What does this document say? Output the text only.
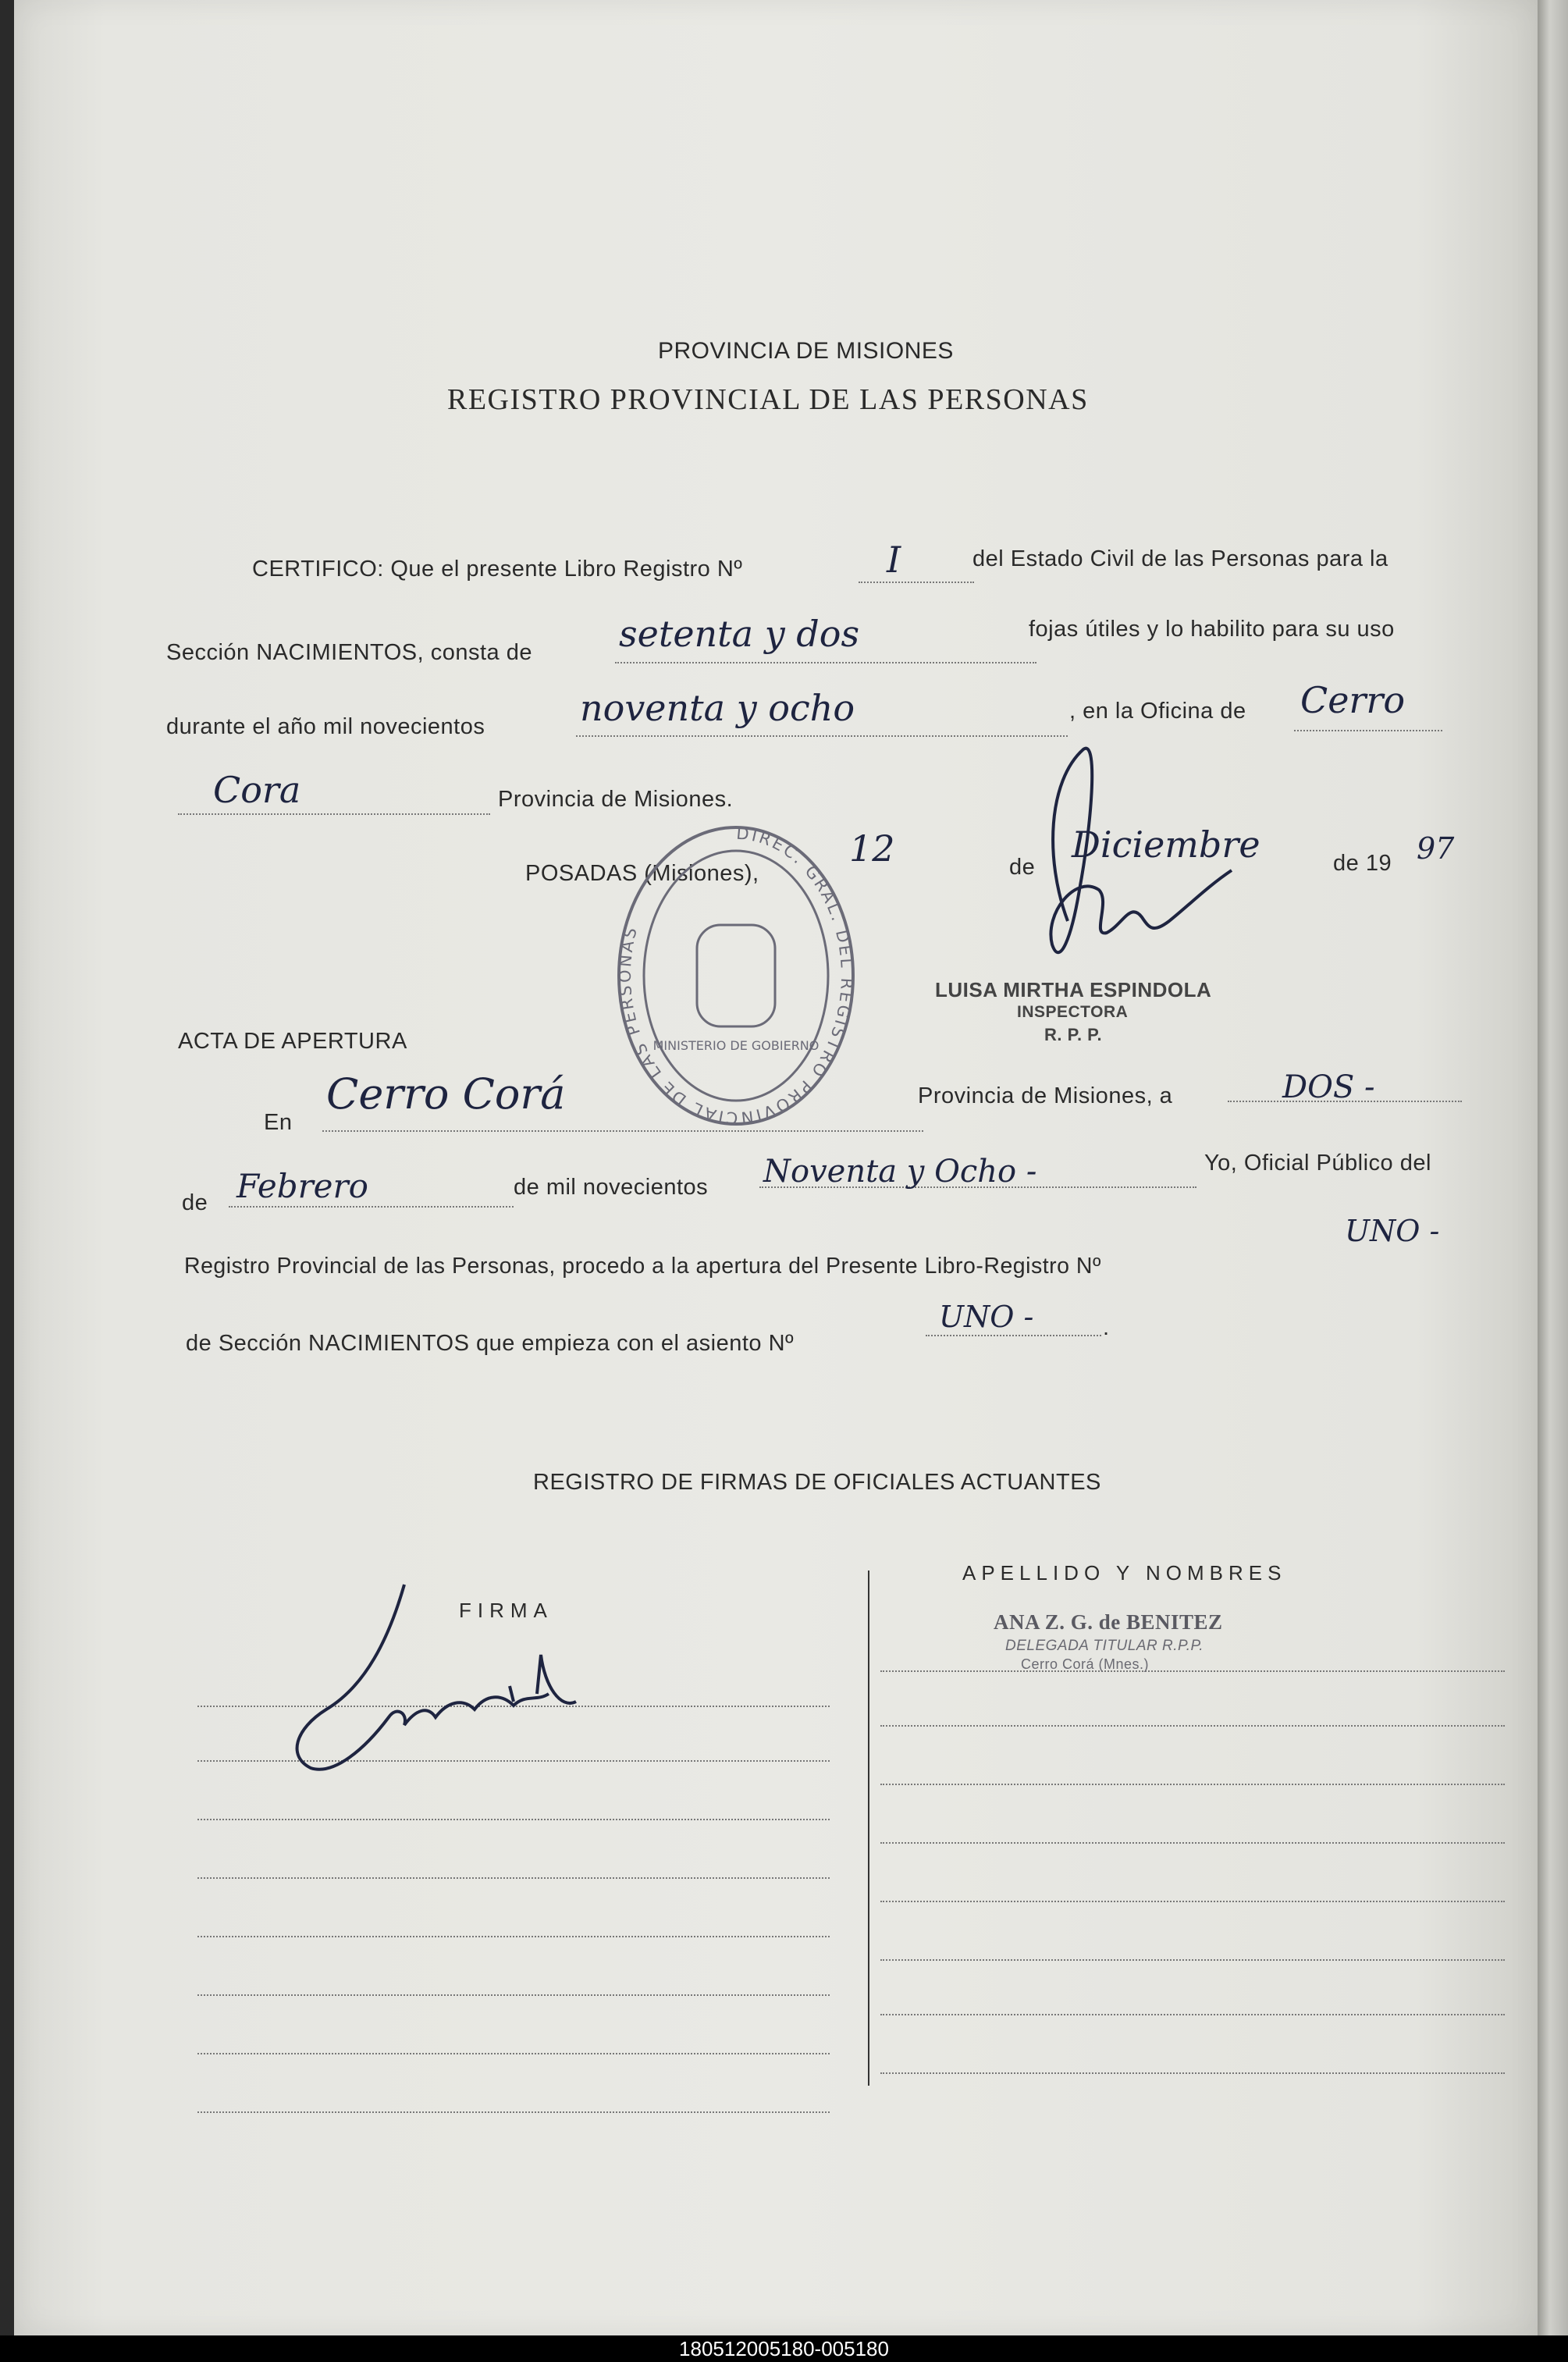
PROVINCIA DE MISIONES
REGISTRO PROVINCIAL DE LAS PERSONAS
CERTIFICO: Que el presente Libro Registro Nº	I	del Estado Civil de las Personas para la
Sección NACIMIENTOS, consta de setenta y dos	fojas útiles y lo habilito para su uso
durante el año mil novecientos	noventa y ocho	, en la Oficina de Cerro
Cora	Provincia de Misiones.
POSADAS (Misiones),
12	de
Diciembre	de 19 97
LUISA MIRTHA ESPINDOLA
INSPECTORA
R. P. P.
DIREC. GRAL. DEL REGISTRO PROVINCIAL DE LAS PERSONAS
MINISTERIO DE GOBIERNO
ACTA DE APERTURA
En
Cerro Corá	Provincia de Misiones, a	DOS -
de Febrero	de mil novecientos Noventa y Ocho -	Yo, Oficial Público del
Registro Provincial de las Personas, procedo a la apertura del Presente Libro-Registro Nº
UNO -
de Sección NACIMIENTOS que empieza con el asiento Nº
UNO -	.
REGISTRO DE FIRMAS DE OFICIALES ACTUANTES
FIRMA
APELLIDO Y NOMBRES
ANA Z. G. de BENITEZ
DELEGADA TITULAR R.P.P.
Cerro Corá (Mnes.)
180512005180-005180
